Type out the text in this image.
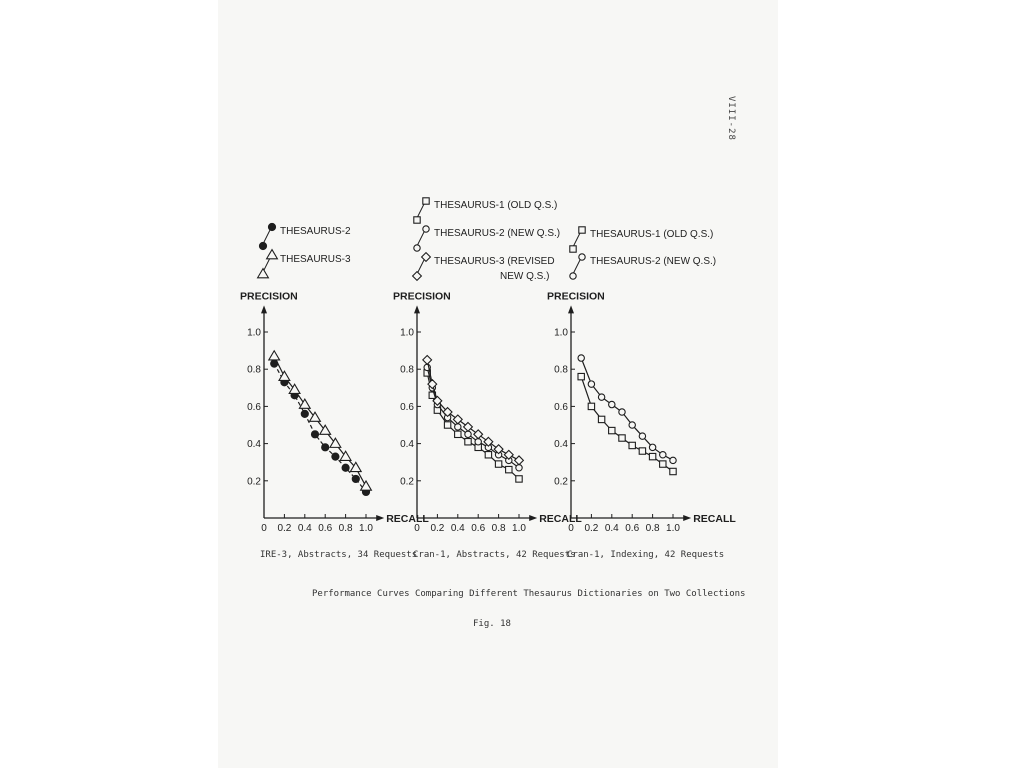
VIII-28
PRECISION
RECALL
0 0.2 0.4 0.6 0.8 1.0
0.2
0.4
0.6
0.8
1.0
THESAURUS-2
THESAURUS-3
PRECISION
RECALL
0 0.2 0.4 0.6 0.8 1.0
0.2
0.4
0.6
0.8
1.0
THESAURUS-1 (OLD Q.S.)
THESAURUS-2 (NEW Q.S.)
THESAURUS-3 (REVISED
NEW Q.S.)
PRECISION
RECALL
0 0.2 0.4 0.6 0.8 1.0
0.2
0.4
0.6
0.8
1.0
THESAURUS-1 (OLD Q.S.)
THESAURUS-2 (NEW Q.S.)
IRE-3, Abstracts, 34 Requests
Cran-1, Abstracts, 42 Requests
Cran-1, Indexing, 42 Requests
Performance Curves Comparing Different Thesaurus Dictionaries on Two Collections
Fig. 18
